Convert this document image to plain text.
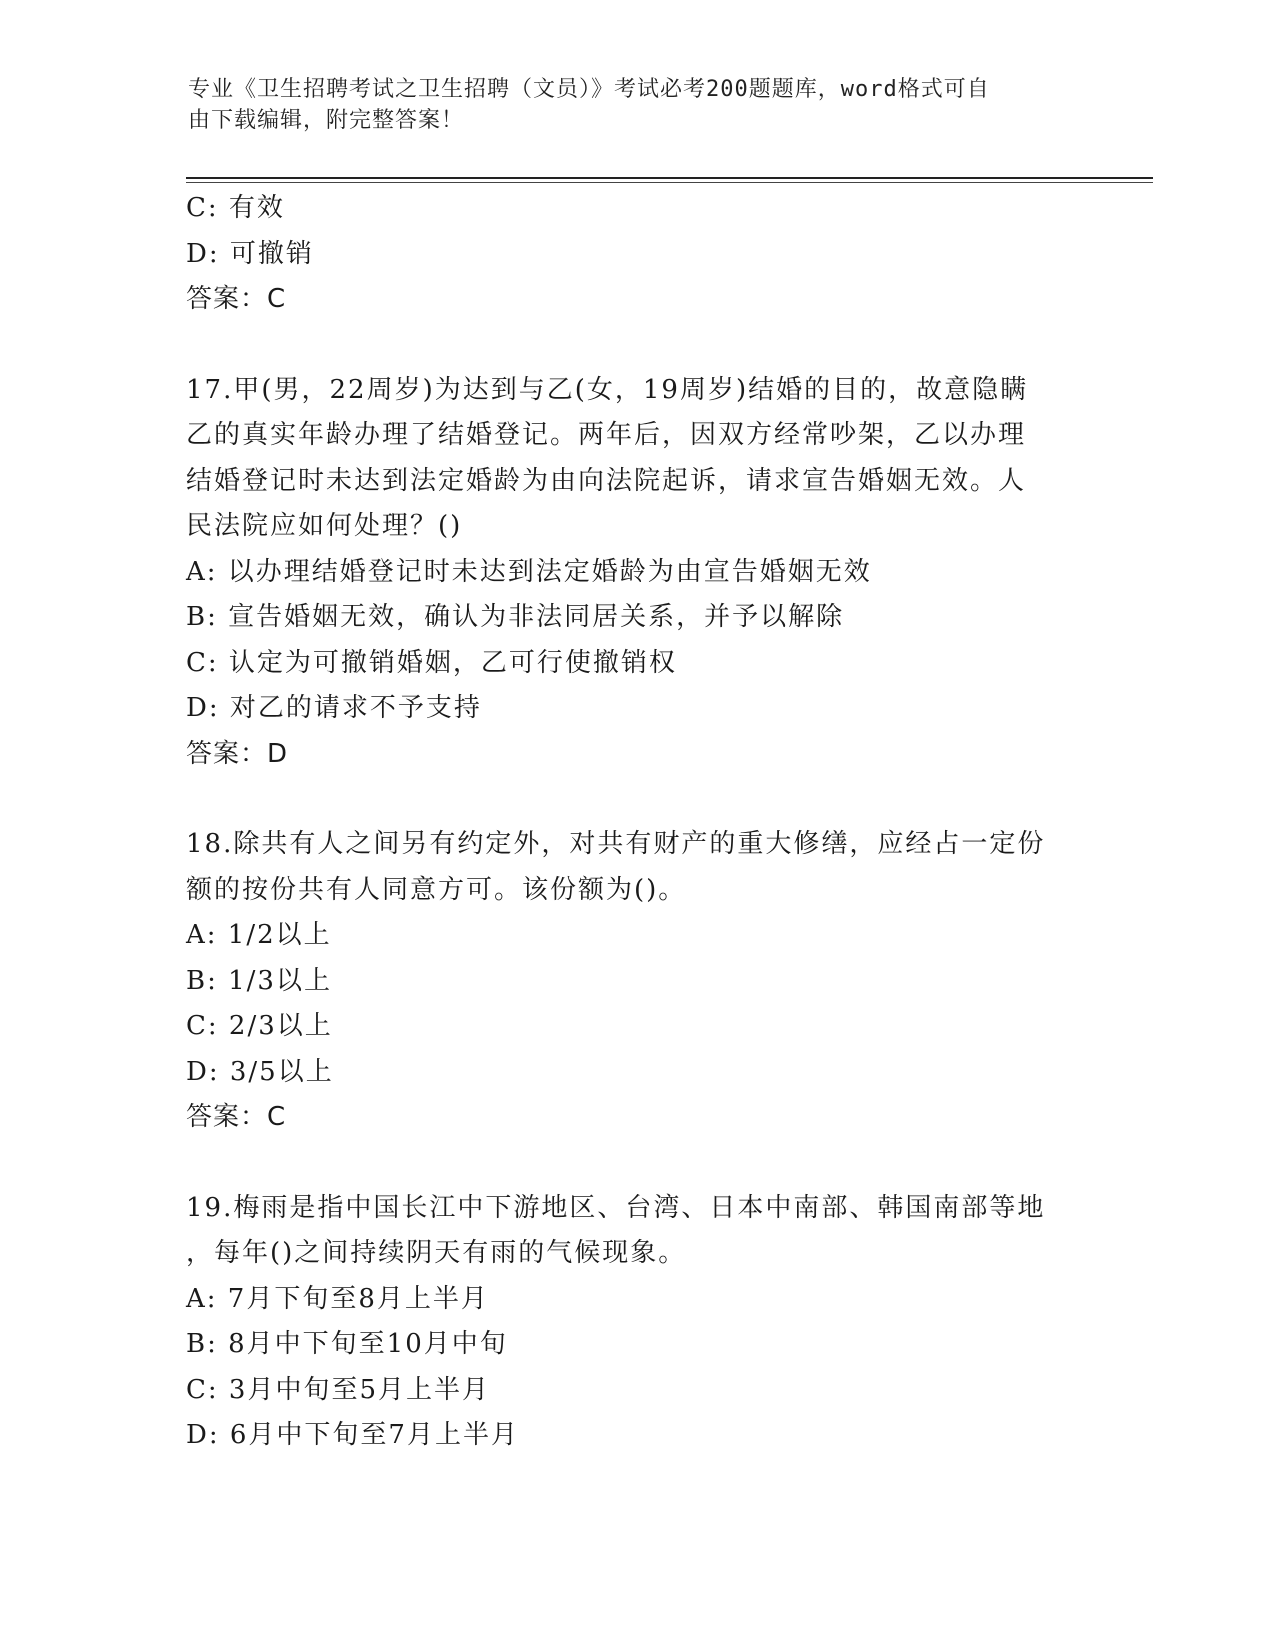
专业《卫生招聘考试之卫生招聘（文员）》考试必考200题题库，word格式可自
由下载编辑，附完整答案！

C: 有效

D: 可撤销

答案：C

17.甲(男，22周岁)为达到与乙(女，19周岁)结婚的目的，故意隐瞒

乙的真实年龄办理了结婚登记。两年后，因双方经常吵架，乙以办理

结婚登记时未达到法定婚龄为由向法院起诉，请求宣告婚姻无效。人

民法院应如何处理？()

A: 以办理结婚登记时未达到法定婚龄为由宣告婚姻无效

B: 宣告婚姻无效，确认为非法同居关系，并予以解除

C: 认定为可撤销婚姻，乙可行使撤销权

D: 对乙的请求不予支持

答案：D

18.除共有人之间另有约定外，对共有财产的重大修缮，应经占一定份

额的按份共有人同意方可。该份额为()。

A: 1/2以上

B: 1/3以上

C: 2/3以上

D: 3/5以上

答案：C

19.梅雨是指中国长江中下游地区、台湾、日本中南部、韩国南部等地

，每年()之间持续阴天有雨的气候现象。

A: 7月下旬至8月上半月

B: 8月中下旬至10月中旬

C: 3月中旬至5月上半月

D: 6月中下旬至7月上半月
